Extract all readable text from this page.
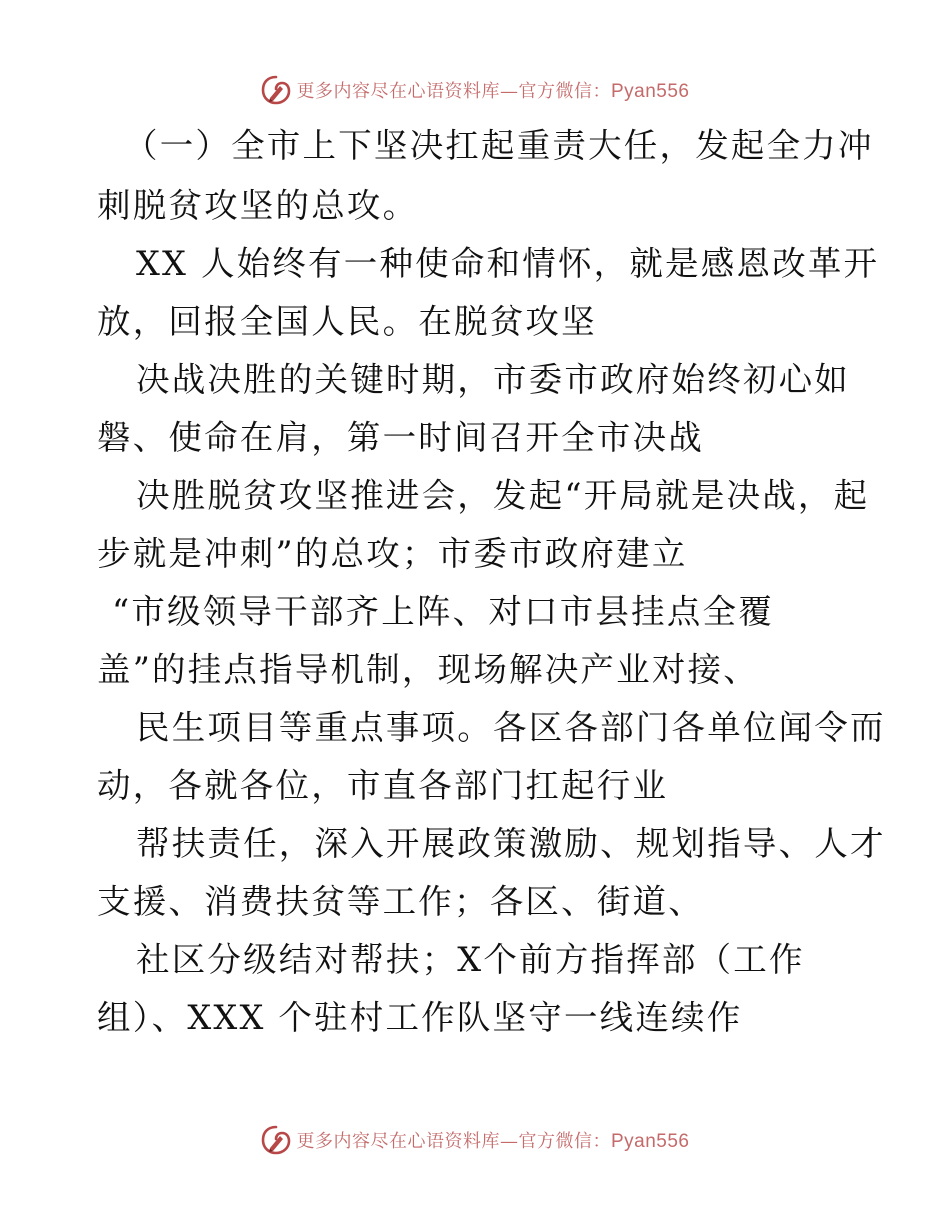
更多内容尽在心语资料库—官方微信：Pyan556
（一）全市上下坚决扛起重责大任，发起全力冲
刺脱贫攻坚的总攻。
XX 人始终有一种使命和情怀，就是感恩改革开
放，回报全国人民。在脱贫攻坚
决战决胜的关键时期，市委市政府始终初心如
磐、使命在肩，第一时间召开全市决战
决胜脱贫攻坚推进会，发起“开局就是决战，起
步就是冲刺”的总攻；市委市政府建立
“市级领导干部齐上阵、对口市县挂点全覆
盖”的挂点指导机制，现场解决产业对接、
民生项目等重点事项。各区各部门各单位闻令而
动，各就各位，市直各部门扛起行业
帮扶责任，深入开展政策激励、规划指导、人才
支援、消费扶贫等工作；各区、街道、
社区分级结对帮扶；X个前方指挥部（工作
组）、XXX 个驻村工作队坚守一线连续作
更多内容尽在心语资料库—官方微信：Pyan556
